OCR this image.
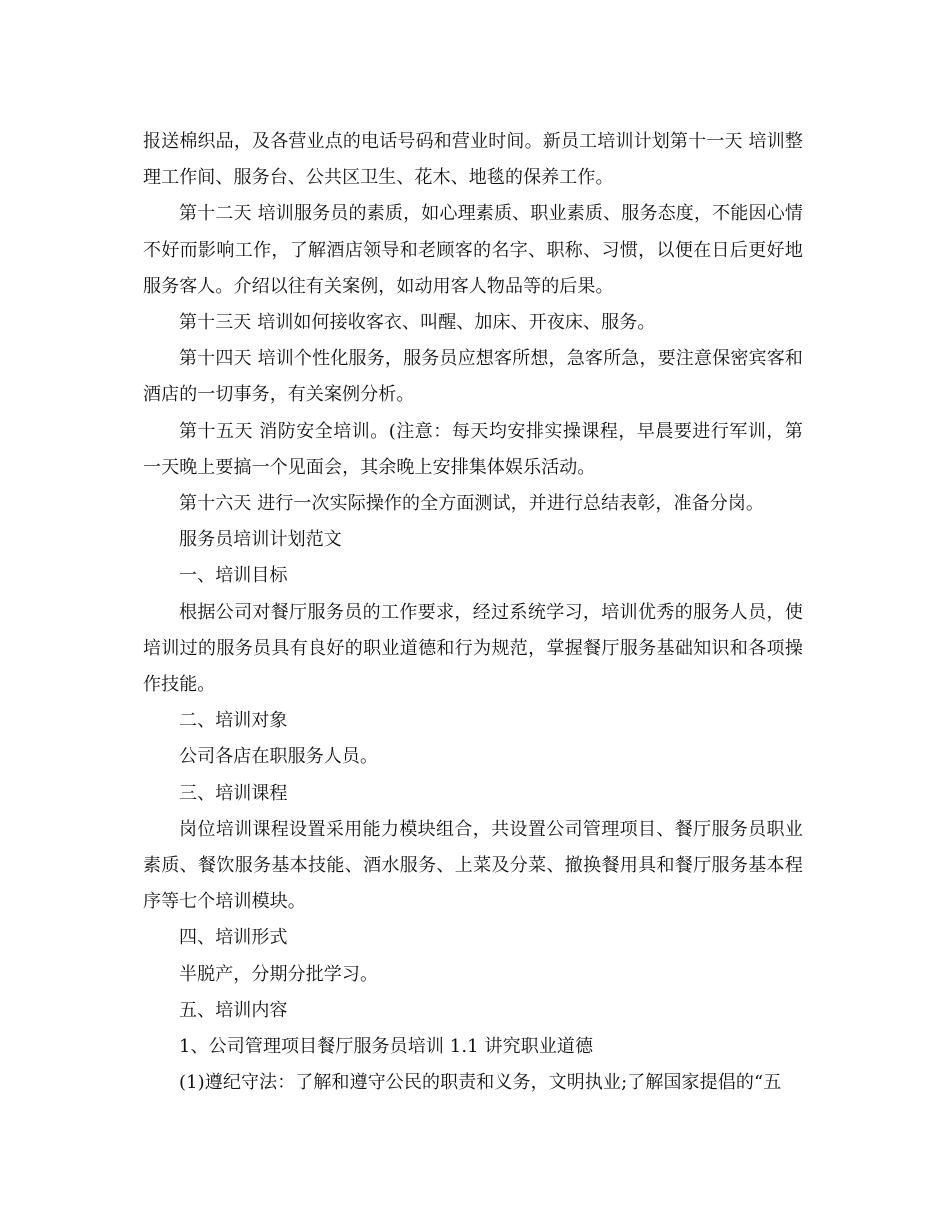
报送棉织品，及各营业点的电话号码和营业时间。新员工培训计划第十一天 培训整理工作间、服务台、公共区卫生、花木、地毯的保养工作。

第十二天 培训服务员的素质，如心理素质、职业素质、服务态度，不能因心情不好而影响工作，了解酒店领导和老顾客的名字、职称、习惯，以便在日后更好地服务客人。介绍以往有关案例，如动用客人物品等的后果。

第十三天 培训如何接收客衣、叫醒、加床、开夜床、服务。

第十四天 培训个性化服务，服务员应想客所想，急客所急，要注意保密宾客和酒店的一切事务，有关案例分析。

第十五天 消防安全培训。(注意：每天均安排实操课程，早晨要进行军训，第一天晚上要搞一个见面会，其余晚上安排集体娱乐活动。

第十六天 进行一次实际操作的全方面测试，并进行总结表彰，准备分岗。

服务员培训计划范文

一、培训目标

根据公司对餐厅服务员的工作要求，经过系统学习，培训优秀的服务人员，使培训过的服务员具有良好的职业道德和行为规范，掌握餐厅服务基础知识和各项操作技能。

二、培训对象

公司各店在职服务人员。

三、培训课程

岗位培训课程设置采用能力模块组合，共设置公司管理项目、餐厅服务员职业素质、餐饮服务基本技能、酒水服务、上菜及分菜、撤换餐用具和餐厅服务基本程序等七个培训模块。

四、培训形式

半脱产，分期分批学习。

五、培训内容

1、公司管理项目餐厅服务员培训 1.1 讲究职业道德

(1)遵纪守法：了解和遵守公民的职责和义务，文明执业;了解国家提倡的“五
